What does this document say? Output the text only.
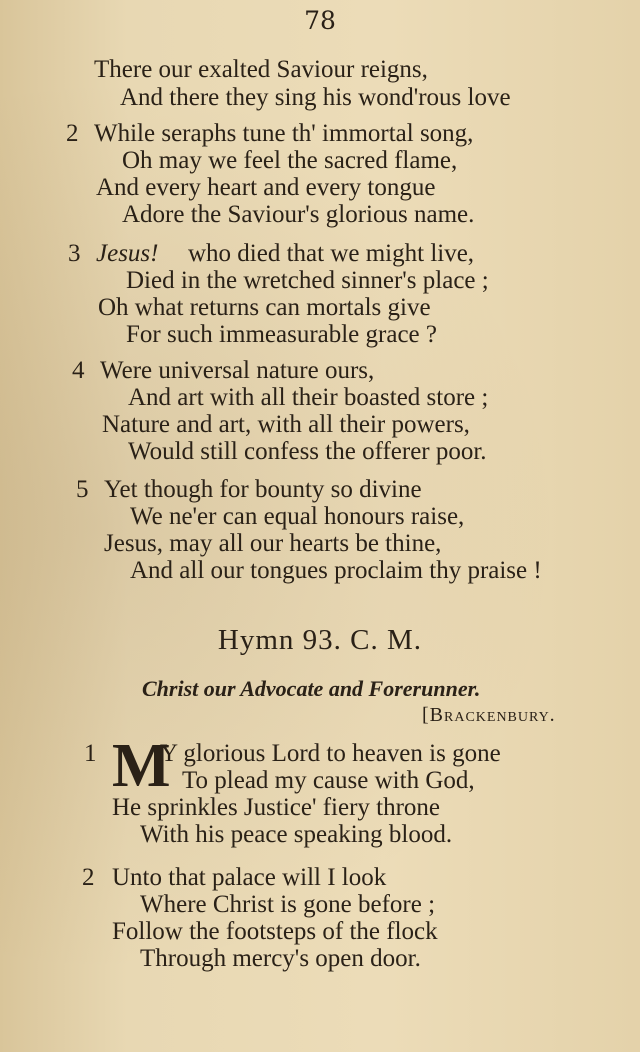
78
There our exalted Saviour reigns,
And there they sing his wond'rous love
2 While seraphs tune th' immortal song,
Oh may we feel the sacred flame,
And every heart and every tongue
Adore the Saviour's glorious name.
3 Jesus! who died that we might live,
Died in the wretched sinner's place ;
Oh what returns can mortals give
For such immeasurable grace ?
4 Were universal nature ours,
And art with all their boasted store ;
Nature and art, with all their powers,
Would still confess the offerer poor.
5 Yet though for bounty so divine
We ne'er can equal honours raise,
Jesus, may all our hearts be thine,
And all our tongues proclaim thy praise !
Hymn 93. C. M.
Christ our Advocate and Forerunner.
[Brackenbury.
1 M
Y glorious Lord to heaven is gone
To plead my cause with God,
He sprinkles Justice' fiery throne
With his peace speaking blood.
2 Unto that palace will I look
Where Christ is gone before ;
Follow the footsteps of the flock
Through mercy's open door.
